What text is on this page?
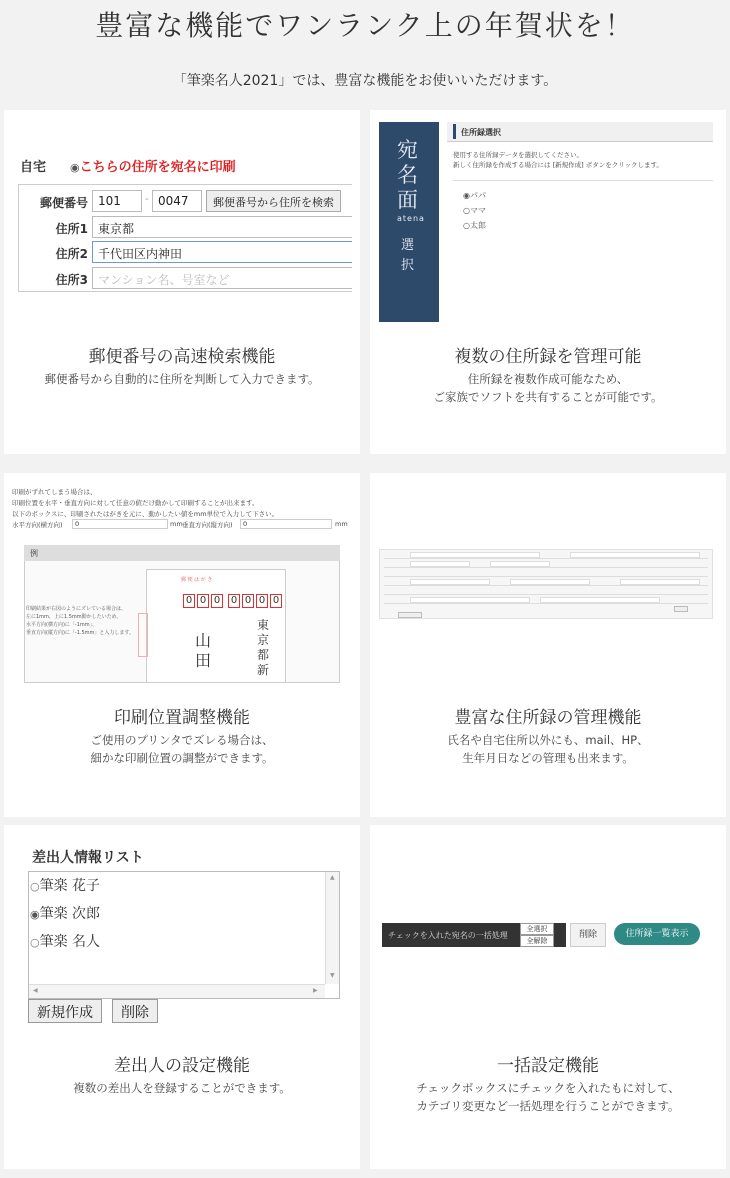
豊富な機能でワンランク上の年賀状を！
「筆楽名人2021」では、豊富な機能をお使いいただけます。
自宅 ◉こちらの住所を宛名に印刷
郵便番号 101	- 0047	郵便番号から住所を検索
住所1 東京都
住所2 千代田区内神田
住所3 マンション名、号室など
郵便番号の高速検索機能
郵便番号から自動的に住所を判断して入力できます。
宛名面
atena
選択
住所録選択
使用する住所録データを選択してください。
新しく住所録を作成する場合には [新規作成] ボタンをクリックします。
◉パパ
○ママ
○太郎
複数の住所録を管理可能
住所録を複数作成可能なため、
ご家族でソフトを共有することが可能です。
印刷がずれてしまう場合は、
印刷位置を水平・垂直方向に対して任意の値だけ動かして印刷することが出来ます。
以下のボックスに、印刷されたはがきを元に、動かしたい値をmm単位で入力して下さい。
水平方向(横方向)	0	mm 垂直方向(縦方向)	0	mm
例
印刷結果が右図のようにズレている場合は、
左に1mm、上に1.5mm動かしたいため、
水平方向(横方向)に「-1mm」、
垂直方向(縦方向)に「-1.5mm」と入力します。
郵 便 は が き
0 0 0 0 0 0 0
山
田
東京都新
印刷位置調整機能
ご使用のプリンタでズレる場合は、
細かな印刷位置の調整ができます。
豊富な住所録の管理機能
氏名や自宅住所以外にも、mail、HP、
生年月日などの管理も出来ます。
差出人情報リスト
▲
▼
◀	▶
○筆楽 花子
◉筆楽 次郎
○筆楽 名人
新規作成	削除
差出人の設定機能
複数の差出人を登録することができます。
チェックを入れた宛名の一括処理
全選択
全解除
削除	住所録一覧表示
一括設定機能
チェックボックスにチェックを入れたもに対して、
カテゴリ変更など一括処理を行うことができます。
